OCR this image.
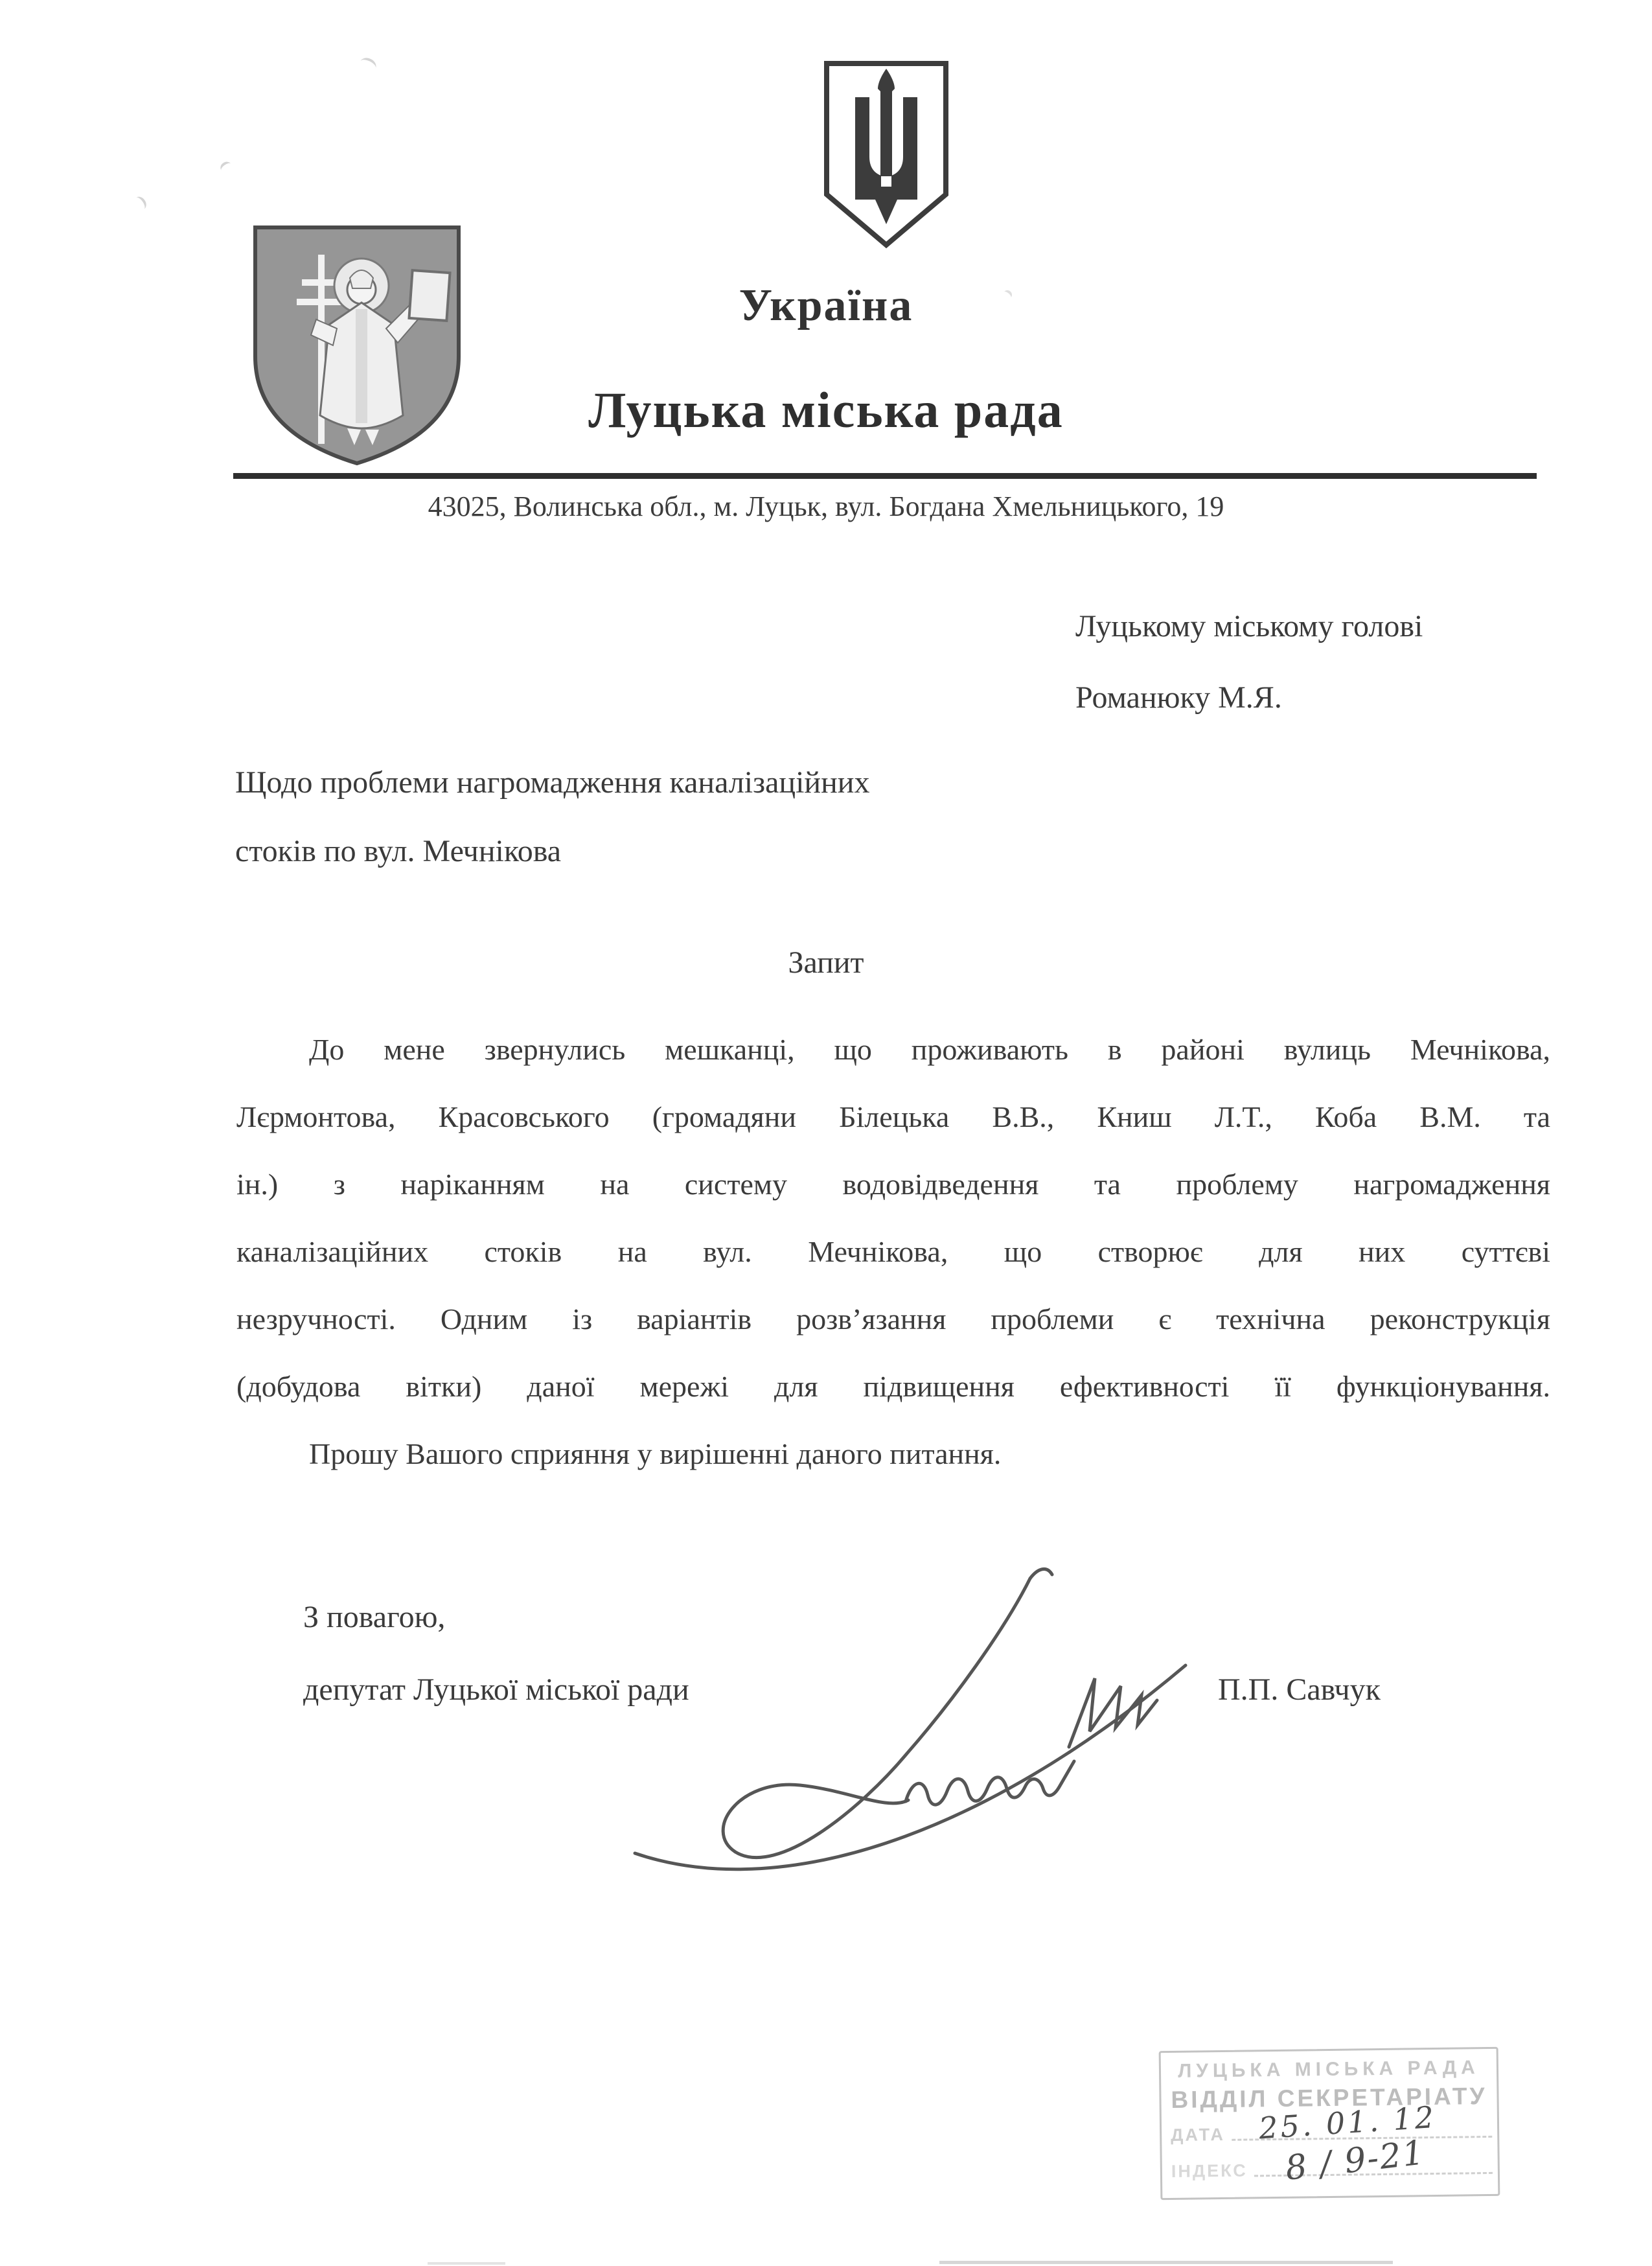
Україна
Луцька міська рада
43025, Волинська обл., м. Луцьк, вул. Богдана Хмельницького, 19
Луцькому міському голові
Романюку М.Я.
Щодо проблеми нагромадження каналізаційних
стоків по вул. Мечнікова
Запит
До мене звернулись мешканці, що проживають в районі вулиць Мечнікова,
Лєрмонтова, Красовського (громадяни Білецька В.В., Книш Л.Т., Коба В.М. та
ін.) з наріканням на систему водовідведення та проблему нагромадження
каналізаційних стоків на вул. Мечнікова, що створює для них суттєві
незручності. Одним із варіантів розв’язання проблеми є технічна реконструкція
(добудова вітки) даної мережі для підвищення ефективності її функціонування.
Прошу Вашого сприяння у вирішенні даного питання.
З повагою,
депутат Луцької міської ради	П.П. Савчук
ЛУЦЬКА МІСЬКА РАДА
ВІДДІЛ СЕКРЕТАРІАТУ
ДАТА
ІНДЕКС
25. 01. 12
8 / 9-21
